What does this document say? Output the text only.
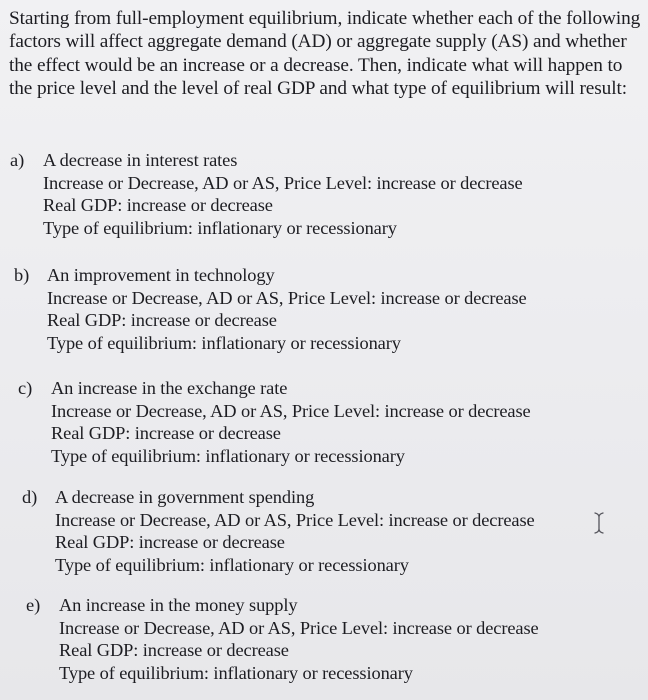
Starting from full-employment equilibrium, indicate whether each of the following factors will affect aggregate demand (AD) or aggregate supply (AS) and whether the effect would be an increase or a decrease. Then, indicate what will happen to the price level and the level of real GDP and what type of equilibrium will result:

a) A decrease in interest rates
Increase or Decrease, AD or AS, Price Level: increase or decrease
Real GDP: increase or decrease
Type of equilibrium: inflationary or recessionary
b) An improvement in technology
Increase or Decrease, AD or AS, Price Level: increase or decrease
Real GDP: increase or decrease
Type of equilibrium: inflationary or recessionary
c) An increase in the exchange rate
Increase or Decrease, AD or AS, Price Level: increase or decrease
Real GDP: increase or decrease
Type of equilibrium: inflationary or recessionary
d) A decrease in government spending
Increase or Decrease, AD or AS, Price Level: increase or decrease
Real GDP: increase or decrease
Type of equilibrium: inflationary or recessionary
e) An increase in the money supply
Increase or Decrease, AD or AS, Price Level: increase or decrease
Real GDP: increase or decrease
Type of equilibrium: inflationary or recessionary
